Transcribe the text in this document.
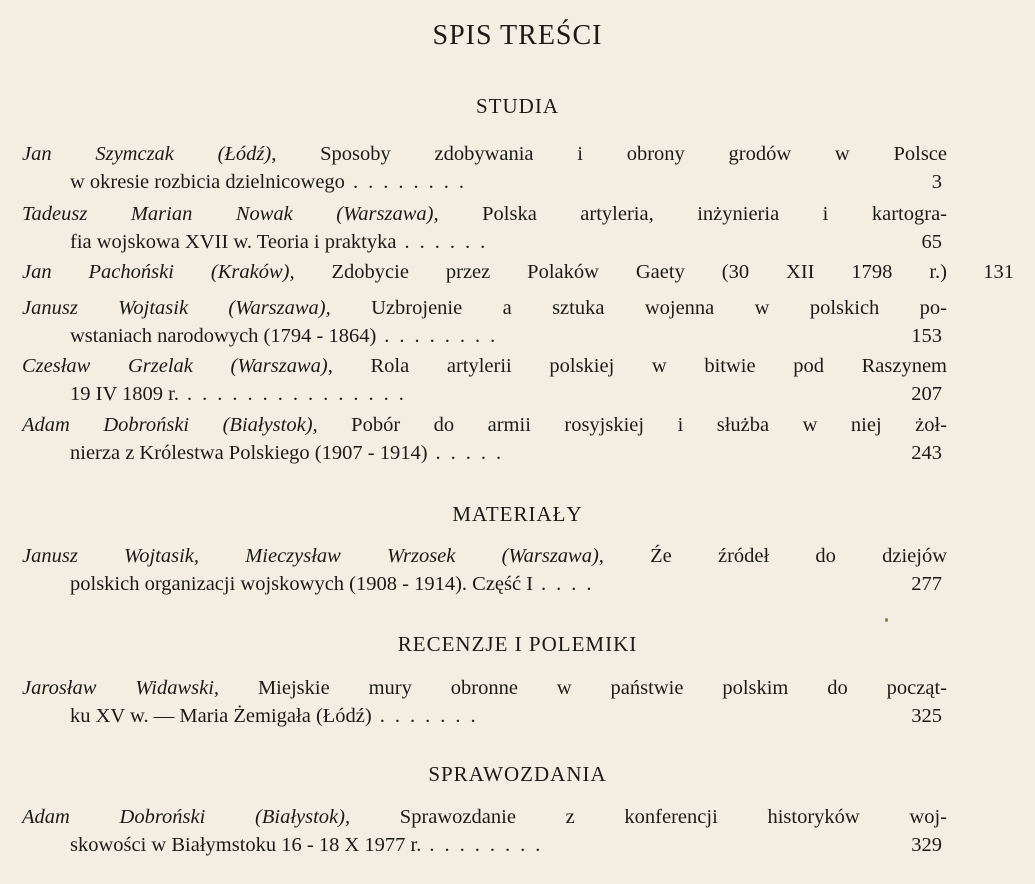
SPIS TREŚCI
STUDIA
Jan Szymczak (Łódź), Sposoby zdobywania i obrony grodów w Polsce
w okresie rozbicia dzielnicowego ........	3
Tadeusz Marian Nowak (Warszawa), Polska artyleria, inżynieria i kartogra-
fia wojskowa XVII w. Teoria i praktyka ......	65
Jan Pachoński (Kraków), Zdobycie przez Polaków Gaety (30 XII 1798 r.) 131
Janusz Wojtasik (Warszawa), Uzbrojenie a sztuka wojenna w polskich po-
wstaniach narodowych (1794 - 1864) ........	153
Czesław Grzelak (Warszawa), Rola artylerii polskiej w bitwie pod Raszynem
19 IV 1809 r. ...............	207
Adam Dobroński (Białystok), Pobór do armii rosyjskiej i służba w niej żoł-
nierza z Królestwa Polskiego (1907 - 1914) .....	243
MATERIAŁY
Janusz Wojtasik, Mieczysław Wrzosek (Warszawa), Źe źródeł do dziejów
polskich organizacji wojskowych (1908 - 1914). Część I ....	277
RECENZJE I POLEMIKI
Jarosław Widawski, Miejskie mury obronne w państwie polskim do począt-
ku XV w. — Maria Żemigała (Łódź) .......	325
SPRAWOZDANIA
Adam Dobroński (Białystok), Sprawozdanie z konferencji historyków woj-
skowości w Białymstoku 16 - 18 X 1977 r. ........	329
